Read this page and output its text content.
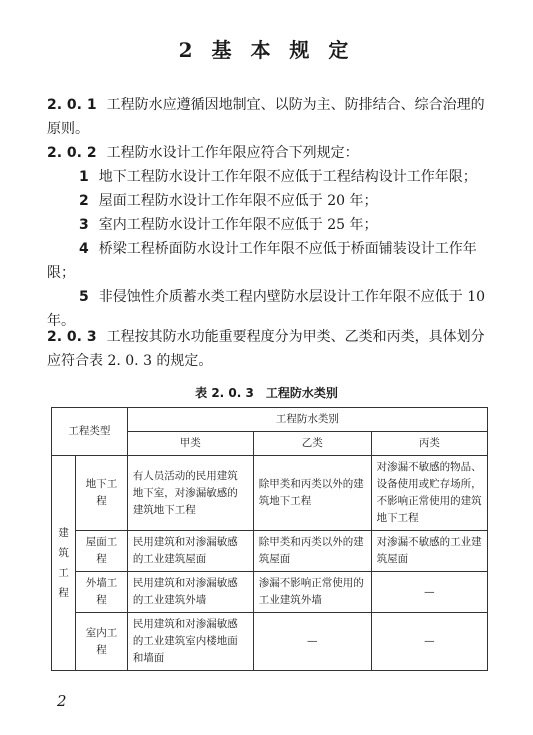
2 基 本 规 定
2. 0. 1 工程防水应遵循因地制宜、以防为主、防排结合、综合治理的原则。
2. 0. 2 工程防水设计工作年限应符合下列规定：
1 地下工程防水设计工作年限不应低于工程结构设计工作年限；
2 屋面工程防水设计工作年限不应低于 20 年；
3 室内工程防水设计工作年限不应低于 25 年；
4 桥梁工程桥面防水设计工作年限不应低于桥面铺装设计工作年限；
5 非侵蚀性介质蓄水类工程内壁防水层设计工作年限不应低于 10 年。
2. 0. 3 工程按其防水功能重要程度分为甲类、乙类和丙类，具体划分应符合表 2. 0. 3 的规定。
表 2. 0. 3　工程防水类别
工程类型		工程防水类别		
		甲类	乙类	丙类
建筑工程	地下工程	有人员活动的民用建筑地下室，对渗漏敏感的建筑地下工程	除甲类和丙类以外的建筑地下工程	对渗漏不敏感的物品、设备使用或贮存场所，不影响正常使用的建筑地下工程
	屋面工程	民用建筑和对渗漏敏感的工业建筑屋面	除甲类和丙类以外的建筑屋面	对渗漏不敏感的工业建筑屋面
	外墙工程	民用建筑和对渗漏敏感的工业建筑外墙	渗漏不影响正常使用的工业建筑外墙	—
	室内工程	民用建筑和对渗漏敏感的工业建筑室内楼地面和墙面	—	—
2
